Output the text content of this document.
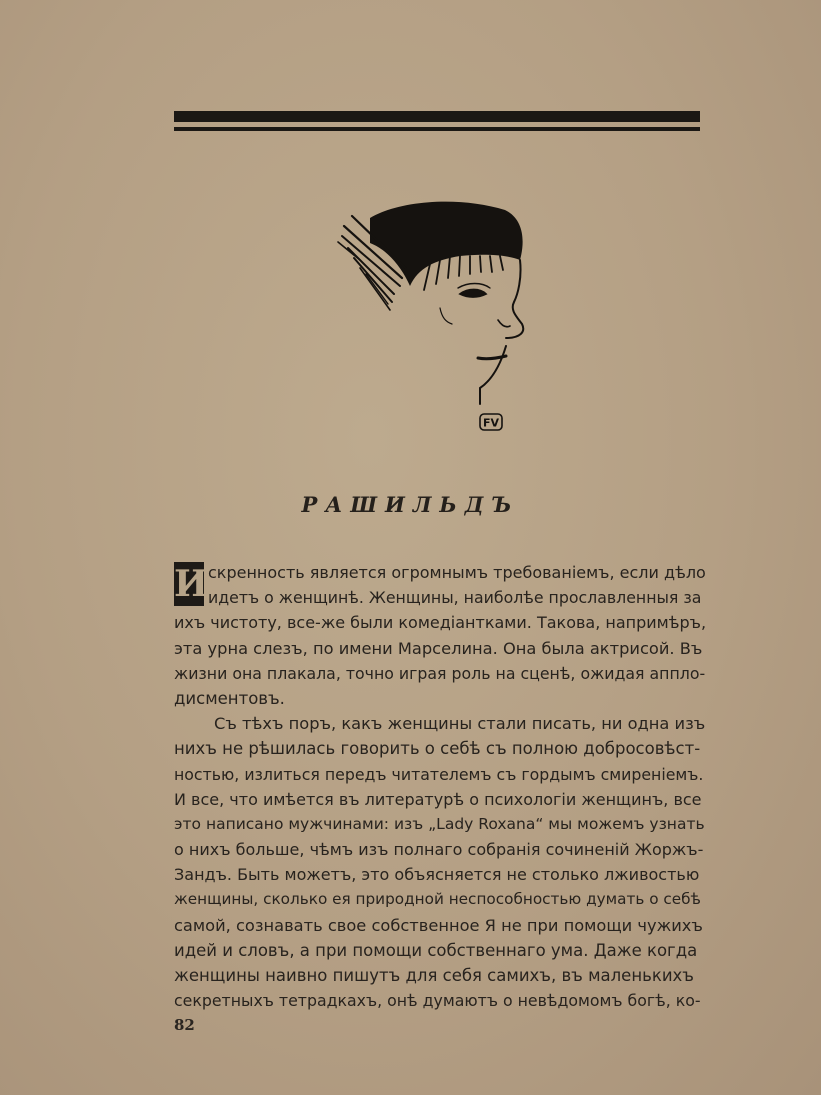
FV
РАШИЛЬДЪ
И скренность является огромнымъ требованіемъ, если дѣло
идетъ о женщинѣ. Женщины, наиболѣе прославленныя за
ихъ чистоту, все-же были комедіантками. Такова, напримѣръ,
эта урна слезъ, по имени Марселина. Она была актрисой. Въ
жизни она плакала, точно играя роль на сценѣ, ожидая аппло-
дисментовъ.
Съ тѣхъ поръ, какъ женщины стали писать, ни одна изъ
нихъ не рѣшилась говорить о себѣ съ полною добросовѣст-
ностью, излиться передъ читателемъ съ гордымъ смиреніемъ.
И все, что имѣется въ литературѣ о психологіи женщинъ, все
это написано мужчинами: изъ „Lady Roxana“ мы можемъ узнать
о нихъ больше, чѣмъ изъ полнаго собранія сочиненій Жоржъ-
Зандъ. Быть можетъ, это объясняется не столько лживостью
женщины, сколько ея природной неспособностью думать о себѣ
самой, сознавать свое собственное Я не при помощи чужихъ
идей и словъ, а при помощи собственнаго ума. Даже когда
женщины наивно пишутъ для себя самихъ, въ маленькихъ
секретныхъ тетрадкахъ, онѣ думаютъ о невѣдомомъ богѣ, ко-
82
